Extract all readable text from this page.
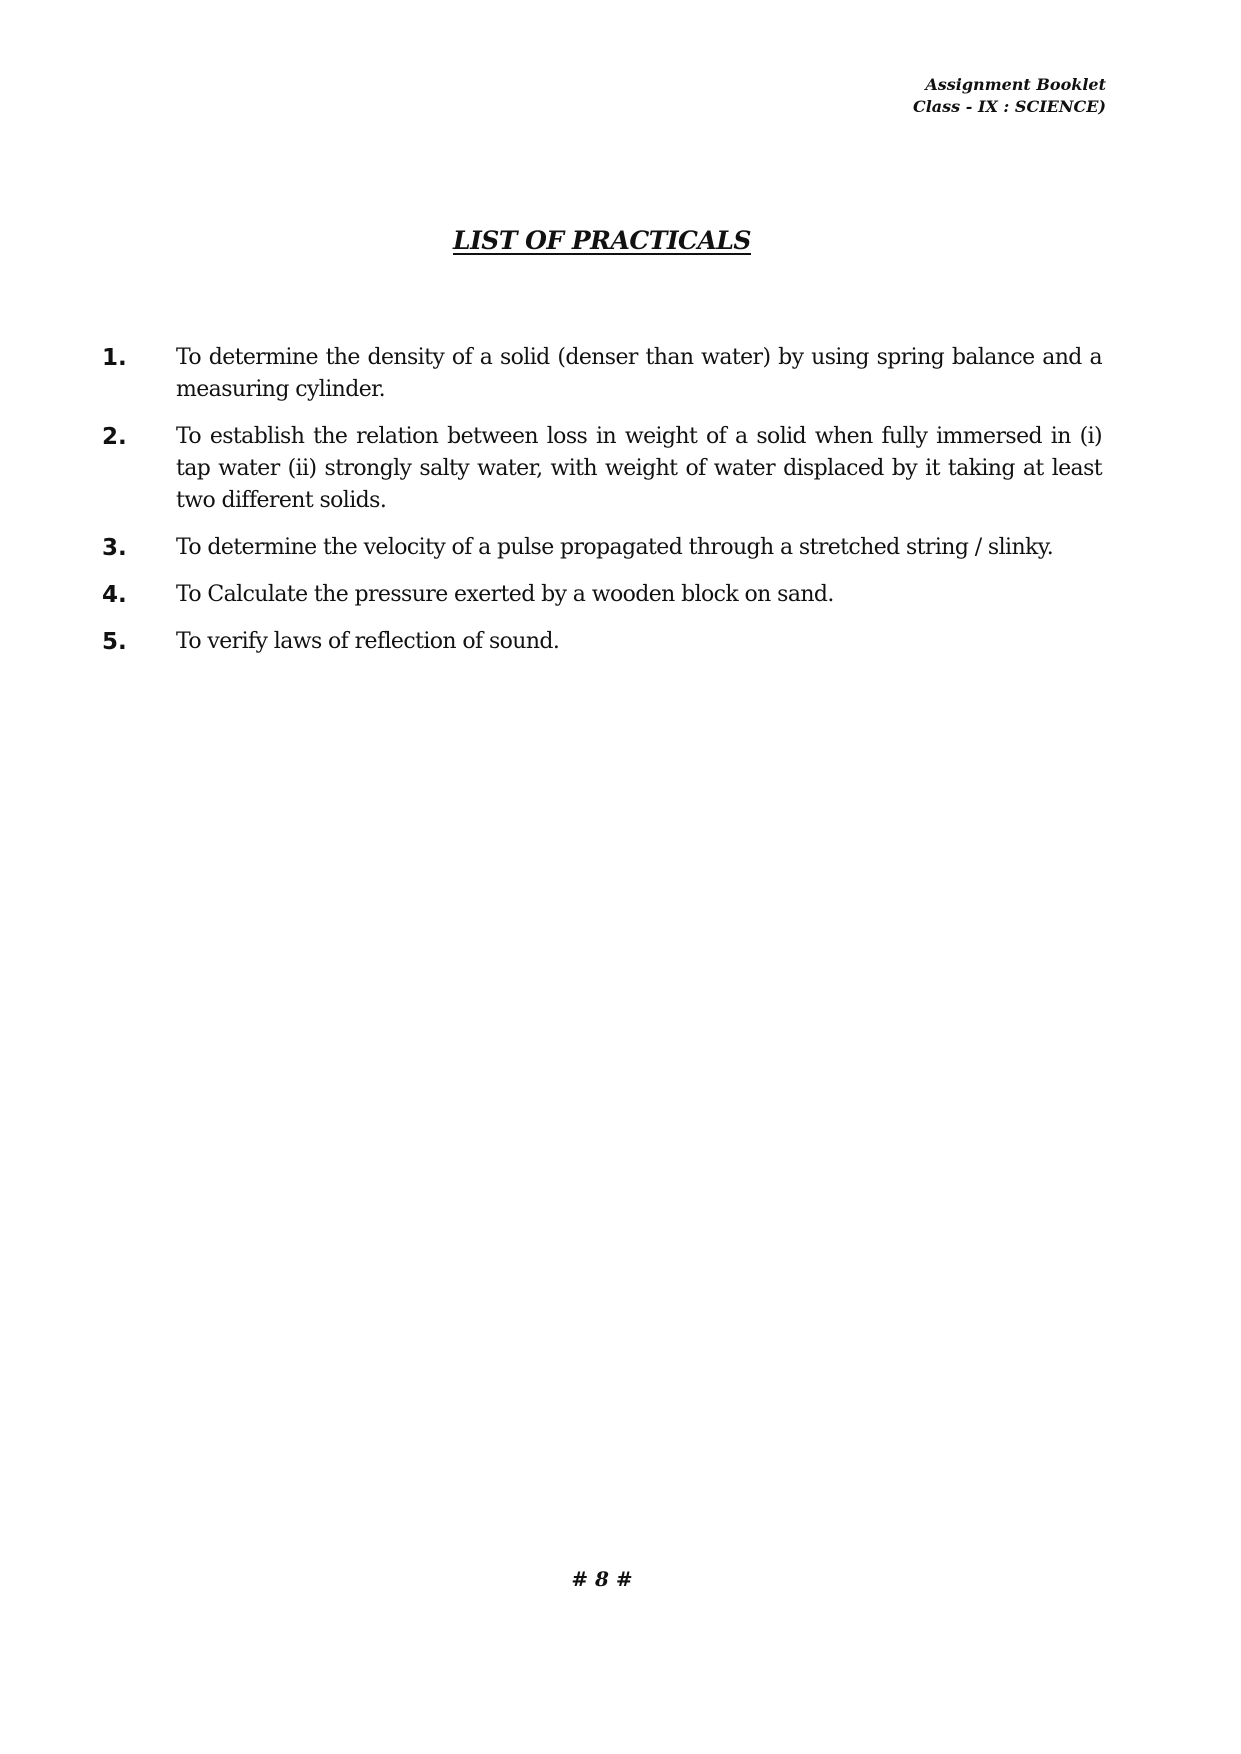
Assignment Booklet
Class - IX : SCIENCE)
LIST OF PRACTICALS
1.	To determine the density of a solid (denser than water) by using spring balance and a measuring cylinder.
2.	To establish the relation between loss in weight of a solid when fully immersed in (i) tap water (ii) strongly salty water, with weight of water displaced by it taking at least two different solids.
3.	To determine the velocity of a pulse propagated through a stretched string / slinky.
4.	To Calculate the pressure exerted by a wooden block on sand.
5.	To verify laws of reflection of sound.
# 8 #
